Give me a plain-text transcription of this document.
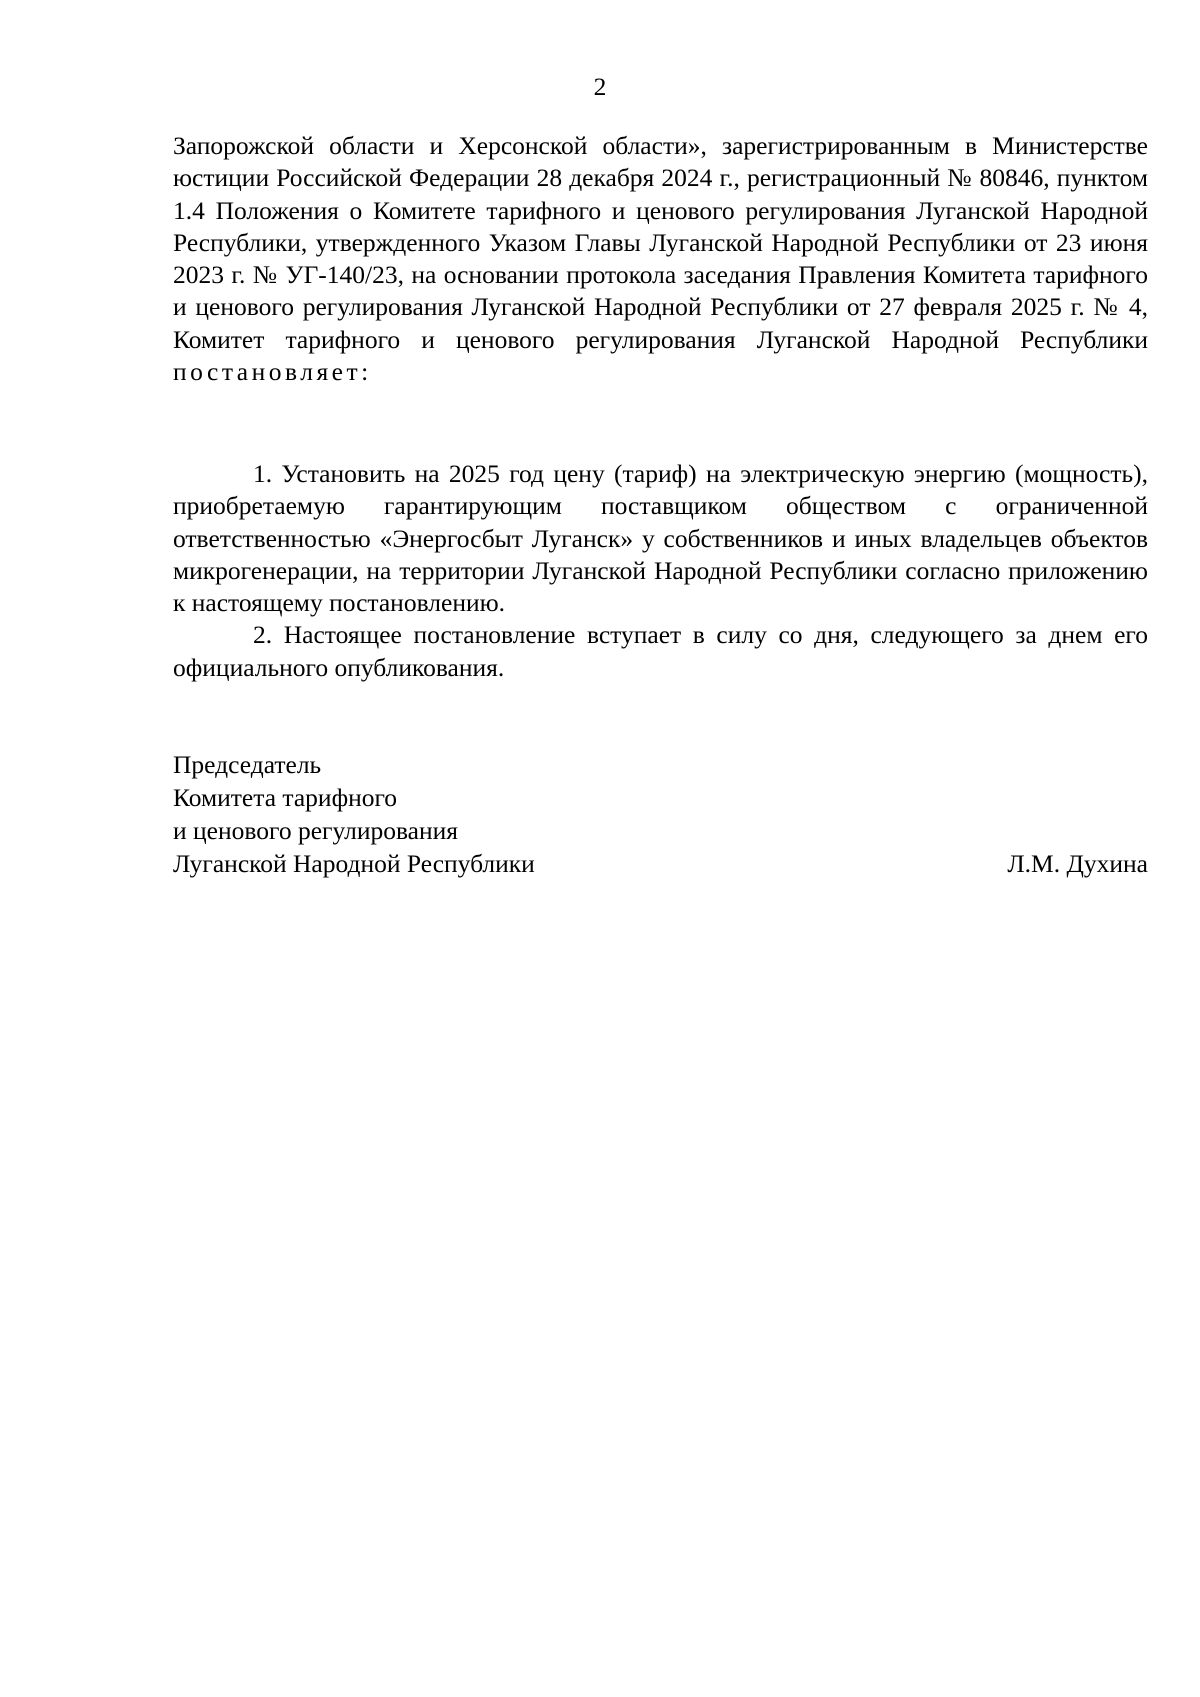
2

Запорожской области и Херсонской области», зарегистрированным в Министерстве юстиции Российской Федерации 28 декабря 2024 г., регистрационный № 80846, пунктом 1.4 Положения о Комитете тарифного и ценового регулирования Луганской Народной Республики, утвержденного Указом Главы Луганской Народной Республики от 23 июня 2023 г. № УГ-140/23, на основании протокола заседания Правления Комитета тарифного и ценового регулирования Луганской Народной Республики от 27 февраля 2025 г. № 4, Комитет тарифного и ценового регулирования Луганской Народной Республики постановляет:

1. Установить на 2025 год цену (тариф) на электрическую энергию (мощность), приобретаемую гарантирующим поставщиком обществом с ограниченной ответственностью «Энергосбыт Луганск» у собственников и иных владельцев объектов микрогенерации, на территории Луганской Народной Республики согласно приложению к настоящему постановлению.

2. Настоящее постановление вступает в силу со дня, следующего за днем его официального опубликования.

Председатель
Комитета тарифного
и ценового регулирования
Луганской Народной Республики	Л.М. Духина
